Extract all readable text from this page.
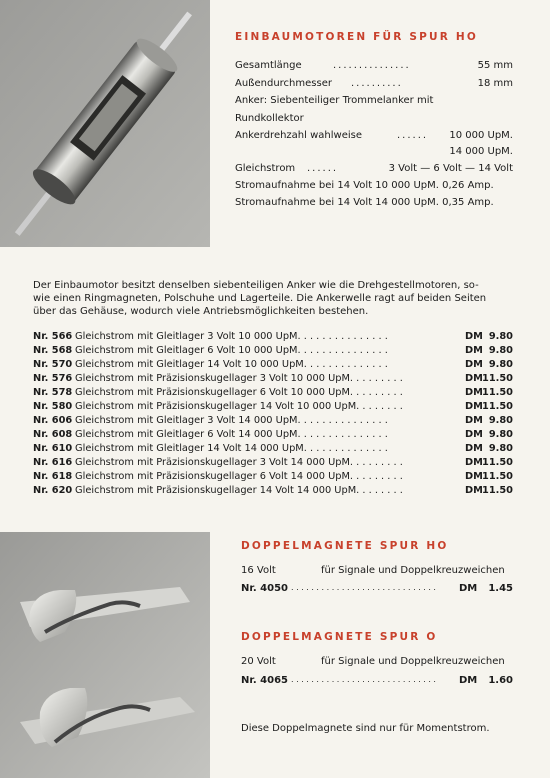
EINBAUMOTOREN FÜR SPUR HO
Gesamtlänge	...............	55 mm
Außendurchmesser ..........	18 mm
Anker: Siebenteiliger Trommelanker mit
Rundkollektor
Ankerdrehzahl wahlweise	...... 10 000 UpM.
14 000 UpM.
Gleichstrom ......	3 Volt — 6 Volt — 14 Volt
Stromaufnahme bei 14 Volt 10 000 UpM. 0,26 Amp.
Stromaufnahme bei 14 Volt 14 000 UpM. 0,35 Amp.
Der Einbaumotor besitzt denselben siebenteiligen Anker wie die Drehgestellmotoren, so-
wie einen Ringmagneten, Polschuhe und Lagerteile. Die Ankerwelle ragt auf beiden Seiten
über das Gehäuse, wodurch viele Antriebsmöglichkeiten bestehen.
Nr. 566 Gleichstrom mit Gleitlager 3 Volt 10 000 UpM. . . . . . . . . . . . . . .	DM 9.80
Nr. 568 Gleichstrom mit Gleitlager 6 Volt 10 000 UpM. . . . . . . . . . . . . . .	DM 9.80
Nr. 570 Gleichstrom mit Gleitlager 14 Volt 10 000 UpM. . . . . . . . . . . . . .	DM 9.80
Nr. 576 Gleichstrom mit Präzisionskugellager 3 Volt 10 000 UpM. . . . . . . . .	DM 11.50
Nr. 578 Gleichstrom mit Präzisionskugellager 6 Volt 10 000 UpM. . . . . . . . .	DM 11.50
Nr. 580 Gleichstrom mit Präzisionskugellager 14 Volt 10 000 UpM. . . . . . . .	DM 11.50
Nr. 606 Gleichstrom mit Gleitlager 3 Volt 14 000 UpM. . . . . . . . . . . . . . .	DM 9.80
Nr. 608 Gleichstrom mit Gleitlager 6 Volt 14 000 UpM. . . . . . . . . . . . . . .	DM 9.80
Nr. 610 Gleichstrom mit Gleitlager 14 Volt 14 000 UpM. . . . . . . . . . . . . .	DM 9.80
Nr. 616 Gleichstrom mit Präzisionskugellager 3 Volt 14 000 UpM. . . . . . . . .	DM 11.50
Nr. 618 Gleichstrom mit Präzisionskugellager 6 Volt 14 000 UpM. . . . . . . . .	DM 11.50
Nr. 620 Gleichstrom mit Präzisionskugellager 14 Volt 14 000 UpM. . . . . . . .	DM 11.50
DOPPELMAGNETE SPUR HO
16 Volt	für Signale und Doppelkreuzweichen
Nr. 4050 . . . . . . . . . . . . . . . . . . . . . . . . . . . . . DM 1.45
DOPPELMAGNETE SPUR O
20 Volt	für Signale und Doppelkreuzweichen
Nr. 4065 . . . . . . . . . . . . . . . . . . . . . . . . . . . . . DM 1.60
Diese Doppelmagnete sind nur für Momentstrom.
